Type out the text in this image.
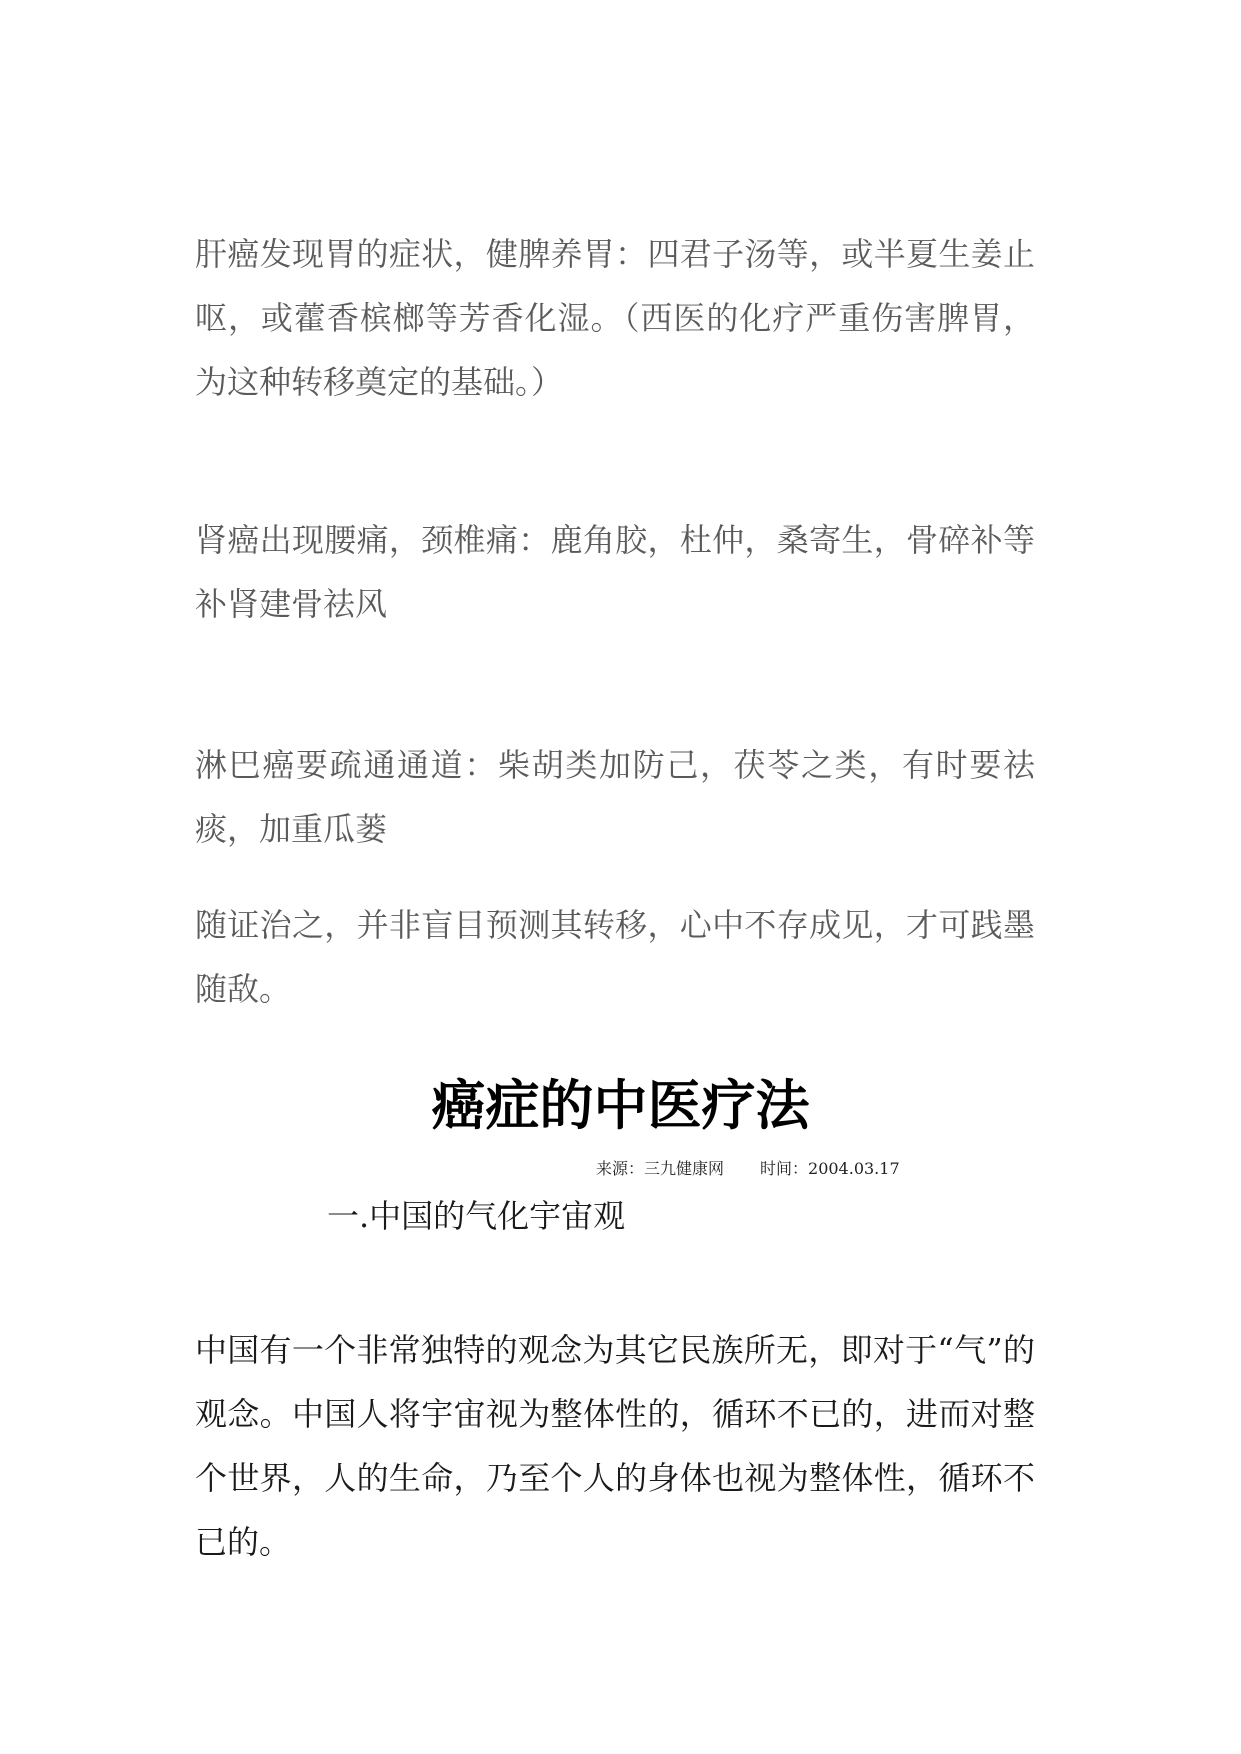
肝癌发现胃的症状，健脾养胃：四君子汤等，或半夏生姜止呕，或藿香槟榔等芳香化湿。（西医的化疗严重伤害脾胃，为这种转移奠定的基础。）

肾癌出现腰痛，颈椎痛：鹿角胶，杜仲，桑寄生，骨碎补等补肾建骨祛风

淋巴癌要疏通通道：柴胡类加防己，茯苓之类，有时要祛痰，加重瓜蒌

随证治之，并非盲目预测其转移，心中不存成见，才可践墨随敌。

癌症的中医疗法
来源：三九健康网 时间：2004.03.17
一.中国的气化宇宙观

中国有一个非常独特的观念为其它民族所无，即对于“气”的观念。中国人将宇宙视为整体性的，循环不已的，进而对整个世界，人的生命，乃至个人的身体也视为整体性，循环不已的。
